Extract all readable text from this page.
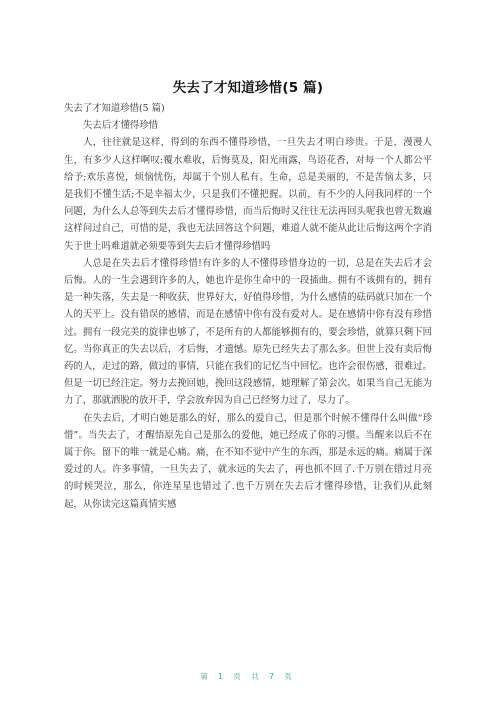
失去了才知道珍惜(5 篇)

失去了才知道珍惜(5 篇)

失去后才懂得珍惜

人，往往就是这样，得到的东西不懂得珍惜，一旦失去才明白珍贵。于是，漫漫人生，有多少人这样啊叹:覆水难收，后悔莫及，阳光雨露，鸟语花香，对每一个人都公平给予;欢乐喜悦，烦恼忧伤，却属于个别人私有。生命，总是美丽的，不是苦恼太多，只是我们不懂生活;不是幸福太少，只是我们不懂把握。以前，有不少的人问我同样的一个问题，为什么人总等到失去后才懂得珍惜，而当后悔时又往往无法再回头呢我也曾无数遍这样问过自己，可惜的是，我也无法回答这个问题，难道人就不能从此让后悔这两个字消失于世上吗难道就必须要等到失去后才懂得珍惜吗

人总是在失去后才懂得珍惜!有许多的人不懂得珍惜身边的一切，总是在失去后才会后悔。人的一生会遇到许多的人，她也许是你生命中的一段插曲。拥有不该拥有的，拥有是一种失落，失去是一种收获，世界好大，好值得珍惜，为什么感情的砝码就只加在一个人的天平上。没有错误的感情，而是在感情中你有没有爱对人。是在感情中你有没有珍惜过。拥有一段完美的旋律也够了，不是所有的人都能够拥有的，要会珍惜，就算只剩下回忆。当你真正的失去以后，才后悔，才遗憾。原先已经失去了那么多。但世上没有卖后悔药的人，走过的路，做过的事情，只能在我们的记忆当中回忆。也许会很伤感，很难过。但是一切已经注定。努力去挽回她，挽回这段感情，她理解了第会次。如果当自己无能为力了，那就洒脱的放开手，学会放弃因为自己已经努力过了，尽力了。

在失去后，才明白她是那么的好，那么的爱自己，但是那个时候不懂得什么叫做“珍惜”。当失去了，才醒悟原先自己是那么的爱他，她已经成了你的习惯。当醒来以后不在属于你。留下的唯一就是心痛。痛，在不知不觉中产生的东西，那是永远的痛。痛属于深爱过的人。许多事情，一旦失去了，就永远的失去了，再也抓不回了.千万别在错过月亮的时候哭泣，那么，你连星星也错过了.也千万别在失去后才懂得珍惜，让我们从此刻起，从你读完这篇真情实感

第 1 页 共 7 页
